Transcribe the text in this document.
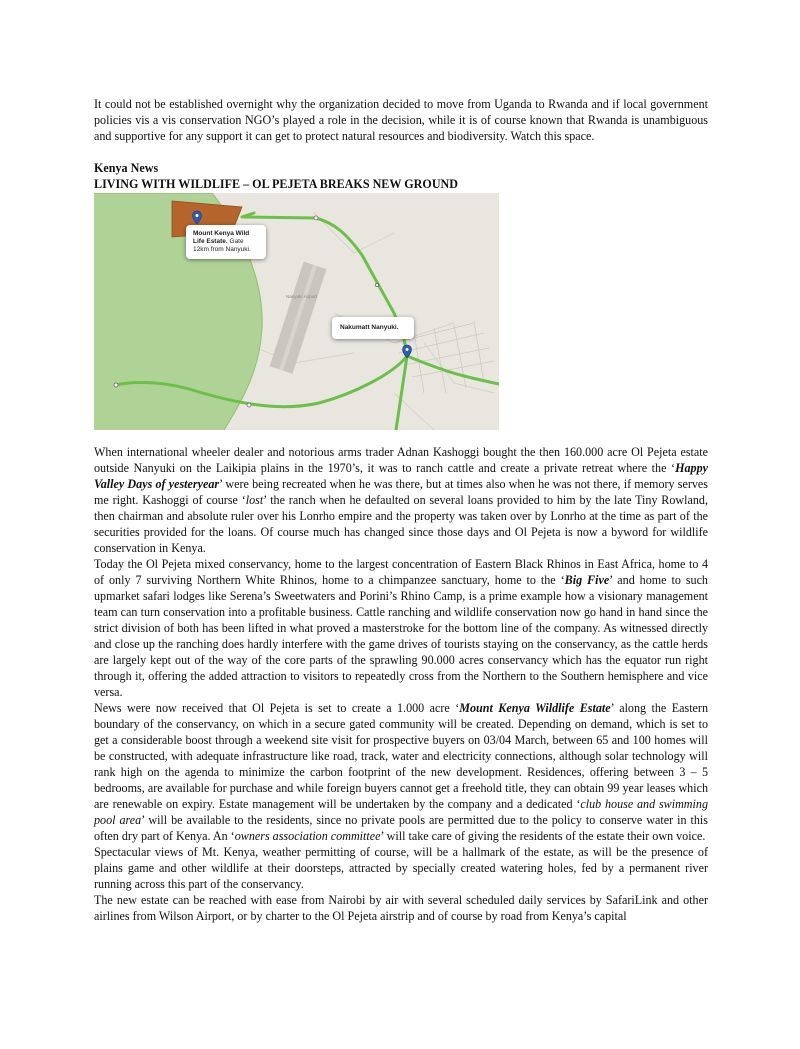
It could not be established overnight why the organization decided to move from Uganda to Rwanda and if local government policies vis a vis conservation NGO’s played a role in the decision, while it is of course known that Rwanda is unambiguous and supportive for any support it can get to protect natural resources and biodiversity. Watch this space.

Kenya News
LIVING WITH WILDLIFE – OL PEJETA BREAKS NEW GROUND
Nanyuki Airport
Mount Kenya Wild Life Estate. Gate 12km from Nanyuki.
Nakumatt Nanyuki.

When international wheeler dealer and notorious arms trader Adnan Kashoggi bought the then 160.000 acre Ol Pejeta estate outside Nanyuki on the Laikipia plains in the 1970’s, it was to ranch cattle and create a private retreat where the ‘Happy Valley Days of yesteryear’ were being recreated when he was there, but at times also when he was not there, if memory serves me right. Kashoggi of course ‘lost’ the ranch when he defaulted on several loans provided to him by the late Tiny Rowland, then chairman and absolute ruler over his Lonrho empire and the property was taken over by Lonrho at the time as part of the securities provided for the loans. Of course much has changed since those days and Ol Pejeta is now a byword for wildlife conservation in Kenya.

Today the Ol Pejeta mixed conservancy, home to the largest concentration of Eastern Black Rhinos in East Africa, home to 4 of only 7 surviving Northern White Rhinos, home to a chimpanzee sanctuary, home to the ‘Big Five’ and home to such upmarket safari lodges like Serena’s Sweetwaters and Porini’s Rhino Camp, is a prime example how a visionary management team can turn conservation into a profitable business. Cattle ranching and wildlife conservation now go hand in hand since the strict division of both has been lifted in what proved a masterstroke for the bottom line of the company. As witnessed directly and close up the ranching does hardly interfere with the game drives of tourists staying on the conservancy, as the cattle herds are largely kept out of the way of the core parts of the sprawling 90.000 acres conservancy which has the equator run right through it, offering the added attraction to visitors to repeatedly cross from the Northern to the Southern hemisphere and vice versa.

News were now received that Ol Pejeta is set to create a 1.000 acre ‘Mount Kenya Wildlife Estate’ along the Eastern boundary of the conservancy, on which in a secure gated community will be created. Depending on demand, which is set to get a considerable boost through a weekend site visit for prospective buyers on 03/04 March, between 65 and 100 homes will be constructed, with adequate infrastructure like road, track, water and electricity connections, although solar technology will rank high on the agenda to minimize the carbon footprint of the new development. Residences, offering between 3 – 5 bedrooms, are available for purchase and while foreign buyers cannot get a freehold title, they can obtain 99 year leases which are renewable on expiry. Estate management will be undertaken by the company and a dedicated ‘club house and swimming pool area’ will be available to the residents, since no private pools are permitted due to the policy to conserve water in this often dry part of Kenya. An ‘owners association committee’ will take care of giving the residents of the estate their own voice.

Spectacular views of Mt. Kenya, weather permitting of course, will be a hallmark of the estate, as will be the presence of plains game and other wildlife at their doorsteps, attracted by specially created watering holes, fed by a permanent river running across this part of the conservancy.

The new estate can be reached with ease from Nairobi by air with several scheduled daily services by SafariLink and other airlines from Wilson Airport, or by charter to the Ol Pejeta airstrip and of course by road from Kenya’s capital
